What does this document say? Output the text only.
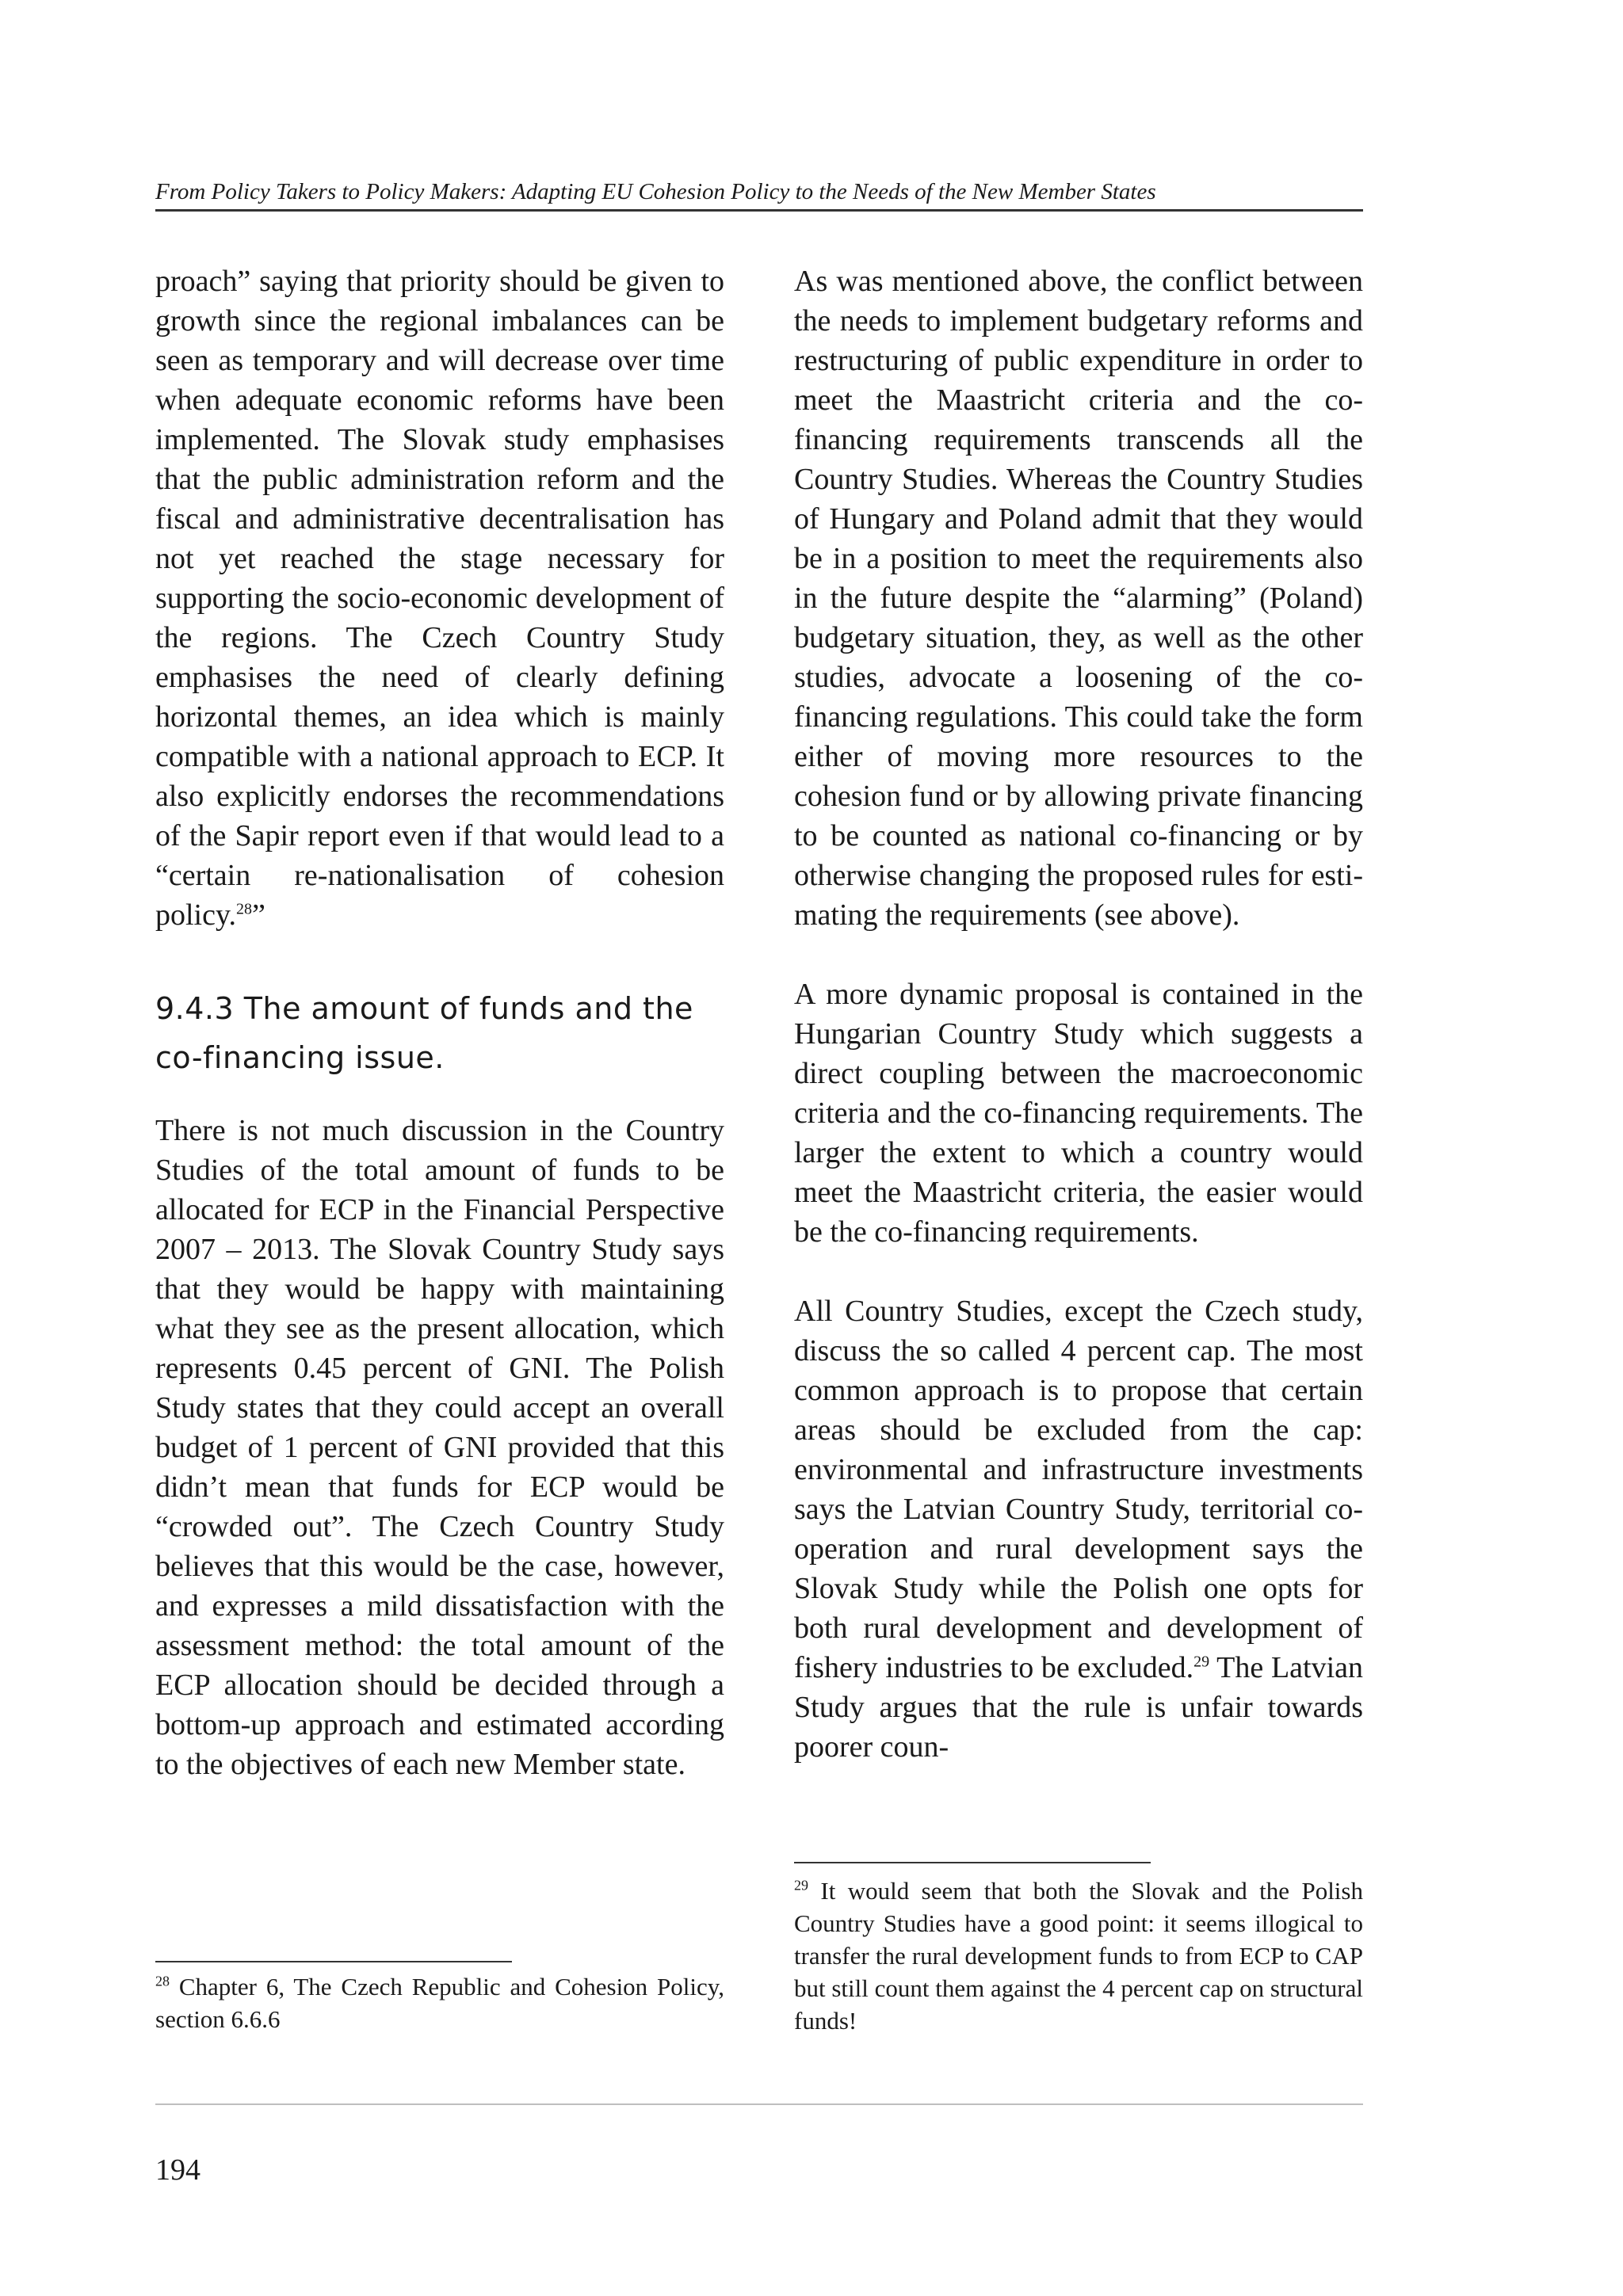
From Policy Takers to Policy Makers: Adapting EU Cohesion Policy to the Needs of the New Member States

proach” saying that priority should be given to growth since the regional imbalances can be seen as temporary and will decrease over time when adequate economic reforms have been implemented. The Slovak study emphasises that the public administration reform and the fiscal and administrative decentralisation has not yet reached the stage necessary for supporting the socio-economic development of the regions. The Czech Country Study emphasises the need of clearly defining horizontal themes, an idea which is mainly compatible with a national approach to ECP. It also explicitly endorses the recommendations of the Sapir report even if that would lead to a “certain re-nationalisation of cohesion policy.$^{28}$”

9.4.3 The amount of funds and the co-financing issue.

There is not much discussion in the Country Studies of the total amount of funds to be allocated for ECP in the Financial Perspective 2007 – 2013. The Slovak Country Study says that they would be happy with maintaining what they see as the present allocation, which represents 0.45 percent of GNI. The Polish Study states that they could accept an overall budget of 1 percent of GNI provided that this didn’t mean that funds for ECP would be “crowded out”. The Czech Country Study believes that this would be the case, however, and expresses a mild dissatisfaction with the assessment method: the total amount of the ECP allocation should be decided through a bottom-up approach and estimated according to the objectives of each new Member state.

As was mentioned above, the conflict between the needs to implement budgetary reforms and restructuring of public expenditure in order to meet the Maastricht criteria and the co-financing requirements transcends all the Country Studies. Whereas the Country Studies of Hungary and Poland admit that they would be in a position to meet the requirements also in the future despite the “alarming” (Poland) budgetary situation, they, as well as the other studies, advocate a loosening of the co-financing regulations. This could take the form either of moving more resources to the cohesion fund or by allowing private financing to be counted as national co-financing or by otherwise changing the proposed rules for estimating the requirements (see above).

A more dynamic proposal is contained in the Hungarian Country Study which suggests a direct coupling between the macroeconomic criteria and the co-financing requirements. The larger the extent to which a country would meet the Maastricht criteria, the easier would be the co-financing requirements.

All Country Studies, except the Czech study, discuss the so called 4 percent cap. The most common approach is to propose that certain areas should be excluded from the cap: environmental and infrastructure investments says the Latvian Country Study, territorial co-operation and rural development says the Slovak Study while the Polish one opts for both rural development and development of fishery industries to be excluded.$^{29}$ The Latvian Study argues that the rule is unfair towards poorer coun-

$^{28}$ Chapter 6, The Czech Republic and Cohesion Policy, section 6.6.6
$^{29}$ It would seem that both the Slovak and the Polish Country Studies have a good point: it seems illogical to transfer the rural development funds to from ECP to CAP but still count them against the 4 percent cap on structural funds!
194
